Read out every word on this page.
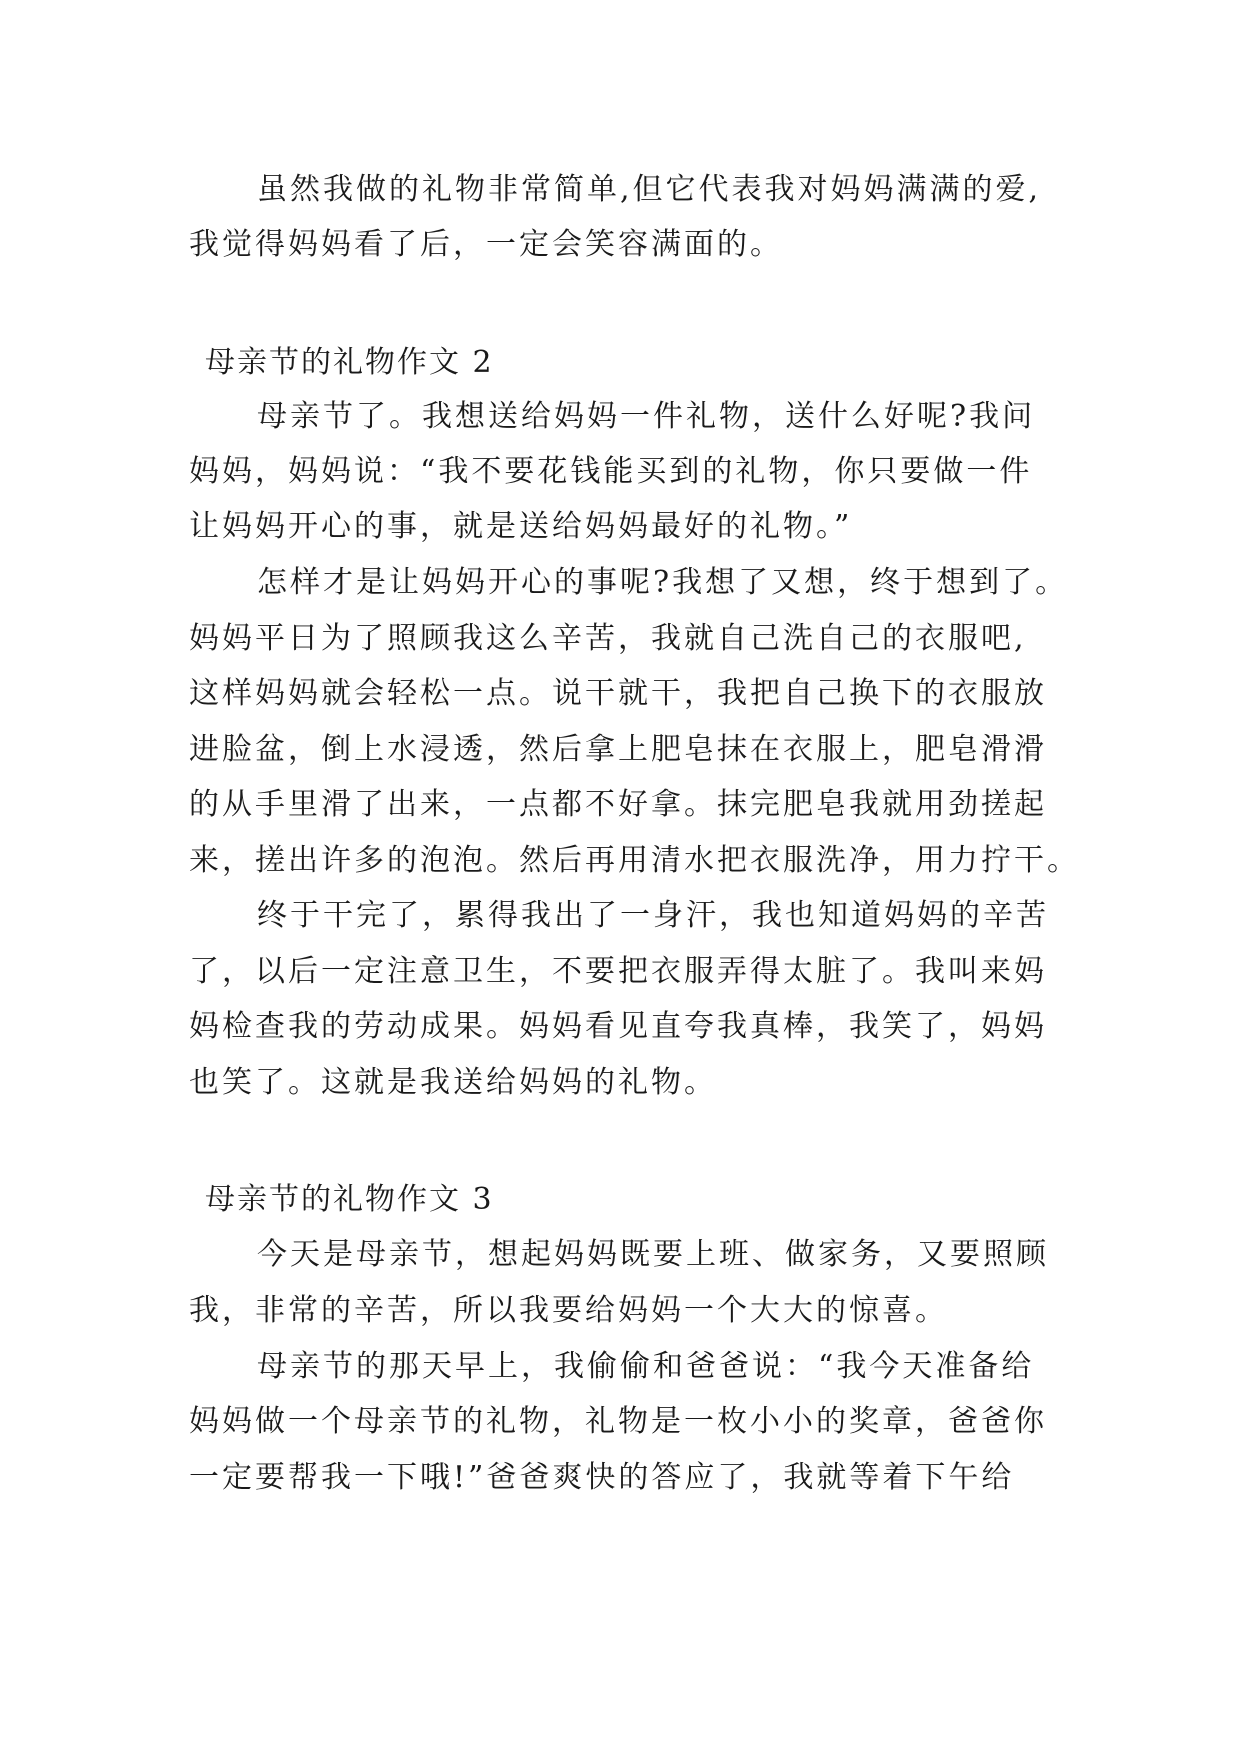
虽然我做的礼物非常简单,但它代表我对妈妈满满的爱,
我觉得妈妈看了后，一定会笑容满面的。
母亲节的礼物作文 2
母亲节了。我想送给妈妈一件礼物，送什么好呢?我问
妈妈，妈妈说：“我不要花钱能买到的礼物，你只要做一件
让妈妈开心的事，就是送给妈妈最好的礼物。”
怎样才是让妈妈开心的事呢?我想了又想，终于想到了。
妈妈平日为了照顾我这么辛苦，我就自己洗自己的衣服吧,
这样妈妈就会轻松一点。说干就干，我把自己换下的衣服放
进脸盆，倒上水浸透，然后拿上肥皂抹在衣服上，肥皂滑滑
的从手里滑了出来，一点都不好拿。抹完肥皂我就用劲搓起
来，搓出许多的泡泡。然后再用清水把衣服洗净，用力拧干。
终于干完了，累得我出了一身汗，我也知道妈妈的辛苦
了，以后一定注意卫生，不要把衣服弄得太脏了。我叫来妈
妈检查我的劳动成果。妈妈看见直夸我真棒，我笑了，妈妈
也笑了。这就是我送给妈妈的礼物。
母亲节的礼物作文 3
今天是母亲节，想起妈妈既要上班、做家务，又要照顾
我，非常的辛苦，所以我要给妈妈一个大大的惊喜。
母亲节的那天早上，我偷偷和爸爸说：“我今天准备给
妈妈做一个母亲节的礼物，礼物是一枚小小的奖章，爸爸你
一定要帮我一下哦!”爸爸爽快的答应了，我就等着下午给
